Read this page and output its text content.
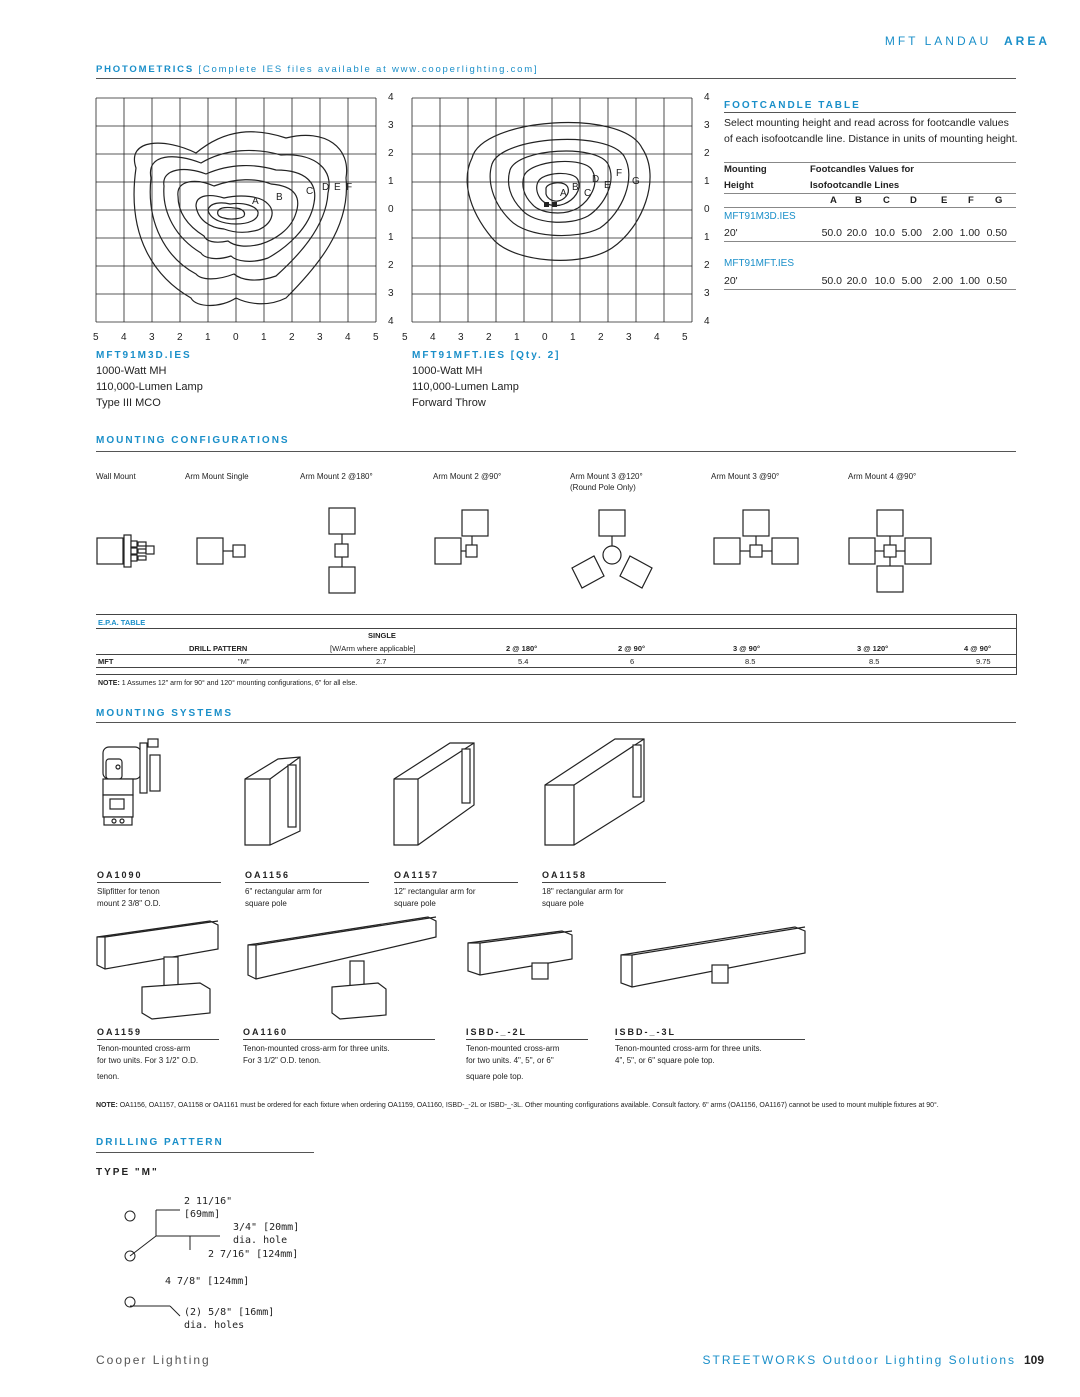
MFT LANDAU AREA
PHOTOMETRICS [Complete IES files available at www.cooperlighting.com]
A B
C D E F
4
3
2
1
0
1
2
3
4
A
B
C
D
E
F
G
4
3
2
1
0
1
2
3
4
5 4 3 2 1 0 1 2 3 4 5 5 4 3 2 1 0 1 2 3 4 5
MFT91M3D.IES
1000-Watt MH
110,000-Lumen Lamp
Type III MCO
MFT91MFT.IES [Qty. 2]
1000-Watt MH
110,000-Lumen Lamp
Forward Throw
FOOTCANDLE TABLE
Select mounting height and read across for footcandle values of each isofootcandle line. Distance in units of mounting height.
Mounting	Footcandles Values for
Height	Isofootcandle Lines
A B C D	E F G
MFT91M3D.IES
20'	50.0 20.0 10.0 5.00	2.00 1.00 0.50
MFT91MFT.IES
20'	50.0 20.0 10.0 5.00	2.00 1.00 0.50
MOUNTING CONFIGURATIONS
Wall Mount	Arm Mount Single	Arm Mount 2 @180°	Arm Mount 2 @90°	Arm Mount 3 @120°
(Round Pole Only)
Arm Mount 3 @90°	Arm Mount 4 @90°
E.P.A. TABLE
SINGLE
DRILL PATTERN	[W/Arm where applicable]	2 @ 180°	2 @ 90°	3 @ 90°	3 @ 120°	4 @ 90°
MFT	"M"	2.7	5.4	6	8.5	8.5	9.75
NOTE: 1 Assumes 12" arm for 90° and 120° mounting configurations, 6" for all else.
MOUNTING SYSTEMS
OA1090
Slipfitter for tenon
mount 2 3/8" O.D.
OA1156
6" rectangular arm for
square pole
OA1157
12" rectangular arm for
square pole
OA1158
18" rectangular arm for
square pole
OA1159
Tenon-mounted cross-arm
for two units. For 3 1/2" O.D.
tenon.
OA1160
Tenon-mounted cross-arm for three units.
For 3 1/2" O.D. tenon.
ISBD-_-2L
Tenon-mounted cross-arm
for two units. 4", 5", or 6"
square pole top.
ISBD-_-3L
Tenon-mounted cross-arm for three units.
4", 5", or 6" square pole top.
NOTE: OA1156, OA1157, OA1158 or OA1161 must be ordered for each fixture when ordering OA1159, OA1160, ISBD-_-2L or ISBD-_-3L. Other mounting configurations available. Consult factory. 6" arms (OA1156, OA1167) cannot be used to mount multiple fixtures at 90°.
DRILLING PATTERN
TYPE "M"
2 11/16"
[69mm]
3/4" [20mm]
dia. hole
2 7/16" [124mm]
4 7/8" [124mm]
(2) 5/8" [16mm]
dia. holes
Cooper Lighting	STREETWORKS Outdoor Lighting Solutions 109
